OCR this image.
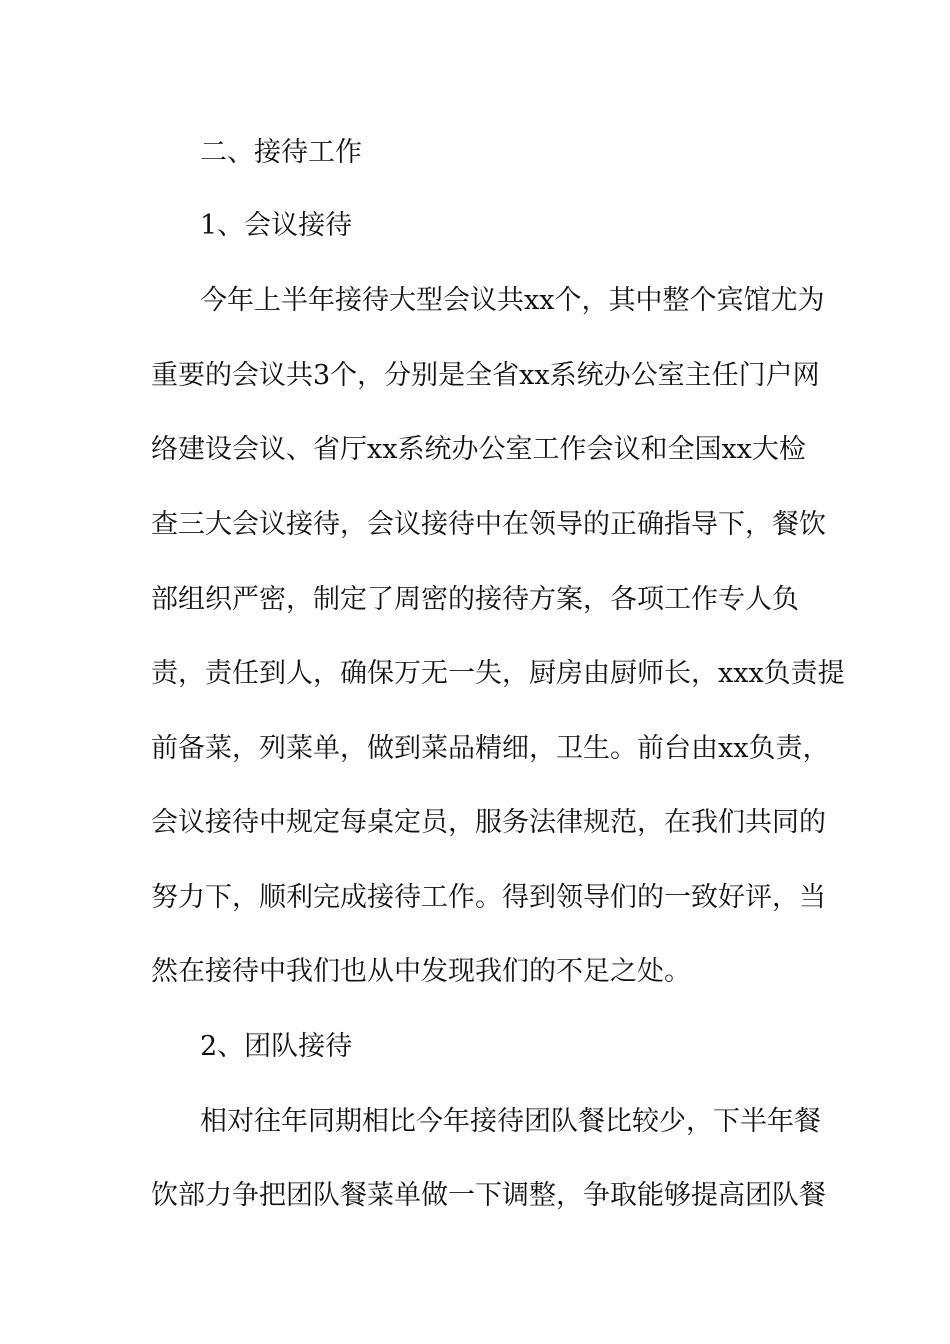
二、接待工作
1、会议接待
今年上半年接待大型会议共xx个，其中整个宾馆尤为
重要的会议共3个，分别是全省xx系统办公室主任门户网
络建设会议、省厅xx系统办公室工作会议和全国xx大检
查三大会议接待，会议接待中在领导的正确指导下，餐饮
部组织严密，制定了周密的接待方案，各项工作专人负
责，责任到人，确保万无一失，厨房由厨师长，xxx负责提
前备菜，列菜单，做到菜品精细，卫生。前台由xx负责，
会议接待中规定每桌定员，服务法律规范，在我们共同的
努力下，顺利完成接待工作。得到领导们的一致好评，当
然在接待中我们也从中发现我们的不足之处。
2、团队接待
相对往年同期相比今年接待团队餐比较少，下半年餐
饮部力争把团队餐菜单做一下调整，争取能够提高团队餐
